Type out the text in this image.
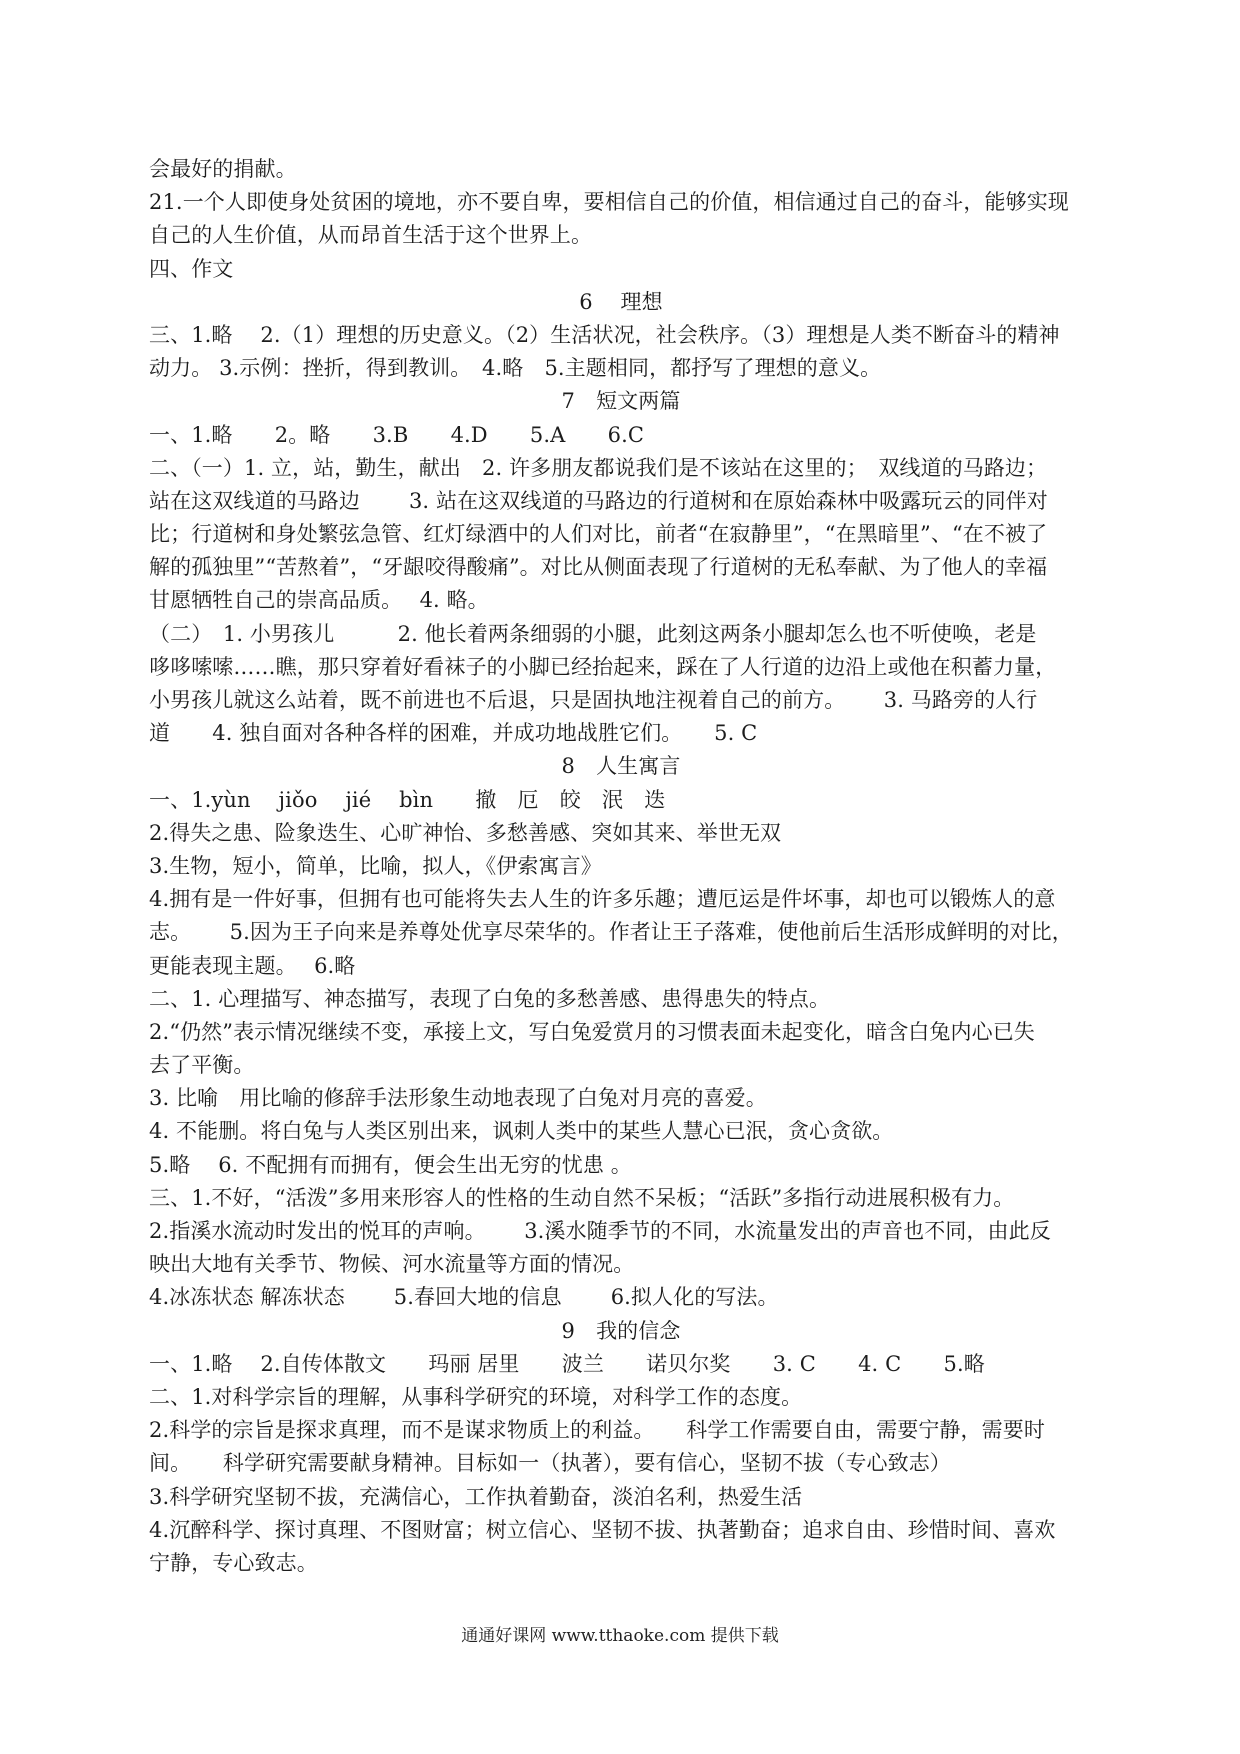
会最好的捐献。
21.一个人即使身处贫困的境地，亦不要自卑，要相信自己的价值，相信通过自己的奋斗，能够实现
自己的人生价值，从而昂首生活于这个世界上。
四、作文
6　 理想
三、1.略　 2.（1）理想的历史意义。（2）生活状况，社会秩序。（3）理想是人类不断奋斗的精神
动力。 3.示例：挫折，得到教训。　4.略　5.主题相同，都抒写了理想的意义。
7　短文两篇
一、1.略　　2。略　　3.B　　4.D　　5.A　　6.C
二、（一）1. 立，站，勤生，献出　2. 许多朋友都说我们是不该站在这里的；　双线道的马路边；
站在这双线道的马路边　　 3. 站在这双线道的马路边的行道树和在原始森林中吸露玩云的同伴对
比；行道树和身处繁弦急管、红灯绿酒中的人们对比，前者“在寂静里”，“在黑暗里”、“在不被了
解的孤独里”“苦熬着”，“牙龈咬得酸痛”。对比从侧面表现了行道树的无私奉献、为了他人的幸福
甘愿牺牲自己的崇高品质。　 4. 略。
（二）　1. 小男孩儿　　　2. 他长着两条细弱的小腿，此刻这两条小腿却怎么也不听使唤，老是
哆哆嗦嗦……瞧，那只穿着好看袜子的小脚已经抬起来，踩在了人行道的边沿上或他在积蓄力量，
小男孩儿就这么站着，既不前进也不后退，只是固执地注视着自己的前方。　　 3. 马路旁的人行
道　　4. 独自面对各种各样的困难，并成功地战胜它们。　　5. C
8　人生寓言
一、1.yùn　 jiǒo　 jié　 bìn　　撤　厄　皎　泯　迭
2.得失之患、险象迭生、心旷神怡、多愁善感、突如其来、举世无双
3.生物，短小，简单，比喻，拟人，《伊索寓言》
4.拥有是一件好事，但拥有也可能将失去人生的许多乐趣；遭厄运是件坏事，却也可以锻炼人的意
志。　　 5.因为王子向来是养尊处优享尽荣华的。作者让王子落难，使他前后生活形成鲜明的对比，
更能表现主题。　 6.略
二、1. 心理描写、神态描写，表现了白兔的多愁善感、患得患失的特点。
2.“仍然”表示情况继续不变，承接上文，写白兔爱赏月的习惯表面未起变化，暗含白兔内心已失
去了平衡。
3. 比喻　用比喻的修辞手法形象生动地表现了白兔对月亮的喜爱。
4. 不能删。将白兔与人类区别出来，讽刺人类中的某些人慧心已泯，贪心贪欲。
5.略　 6. 不配拥有而拥有，便会生出无穷的忧患 。
三、1.不好，“活泼”多用来形容人的性格的生动自然不呆板；“活跃”多指行动进展积极有力。
2.指溪水流动时发出的悦耳的声响。　　 3.溪水随季节的不同，水流量发出的声音也不同，由此反
映出大地有关季节、物候、河水流量等方面的情况。
4.冰冻状态 解冻状态　　 5.春回大地的信息　　 6.拟人化的写法。
9　我的信念
一、1.略　 2.自传体散文　　玛丽 居里　　波兰　　诺贝尔奖　　3. C　　4. C　　5.略
二、1.对科学宗旨的理解，从事科学研究的环境，对科学工作的态度。
2.科学的宗旨是探求真理，而不是谋求物质上的利益。　　科学工作需要自由，需要宁静，需要时
间。　　科学研究需要献身精神。目标如一（执著），要有信心，坚韧不拔（专心致志）
3.科学研究坚韧不拔，充满信心，工作执着勤奋，淡泊名利，热爱生活
4.沉醉科学、探讨真理、不图财富；树立信心、坚韧不拔、执著勤奋；追求自由、珍惜时间、喜欢
宁静，专心致志。
通通好课网 www.tthaoke.com 提供下载
